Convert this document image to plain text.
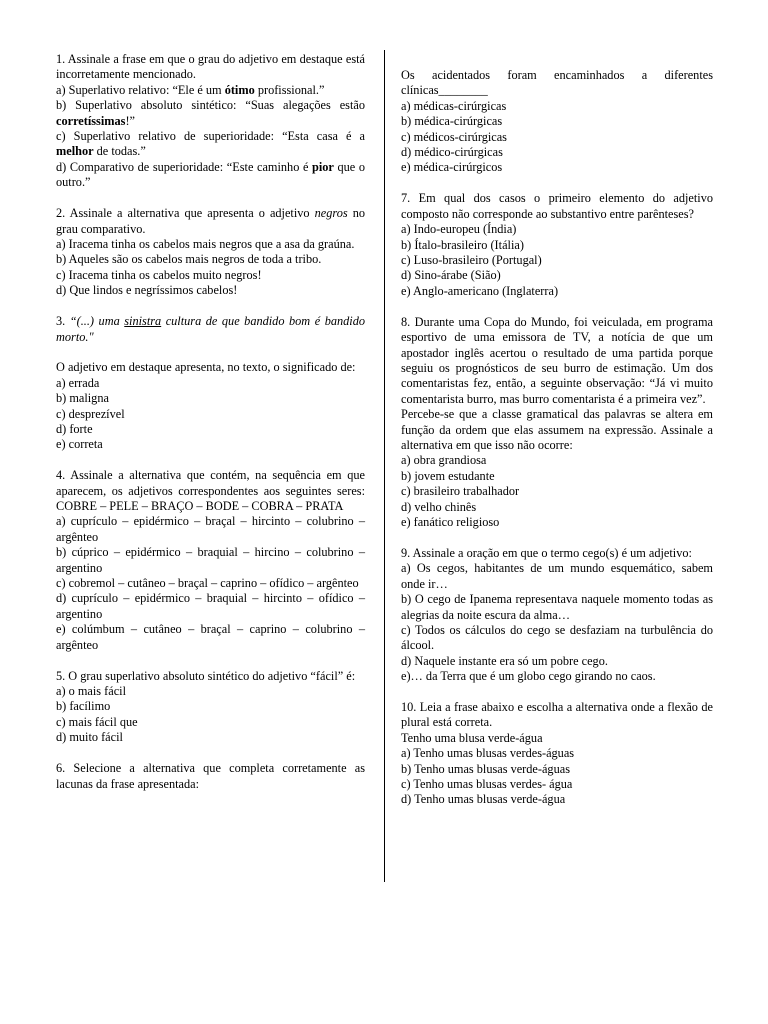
1. Assinale a frase em que o grau do adjetivo em destaque está incorretamente mencionado.
a) Superlativo relativo: “Ele é um ótimo profissional.”
b) Superlativo absoluto sintético: “Suas alegações estão corretíssimas!”
c) Superlativo relativo de superioridade: “Esta casa é a melhor de todas.”
d) Comparativo de superioridade: “Este caminho é pior que o outro.”
2. Assinale a alternativa que apresenta o adjetivo negros no grau comparativo.
a) Iracema tinha os cabelos mais negros que a asa da graúna.
b) Aqueles são os cabelos mais negros de toda a tribo.
c) Iracema tinha os cabelos muito negros!
d) Que lindos e negríssimos cabelos!
3. “(...) uma sinistra cultura de que bandido bom é bandido morto."
O adjetivo em destaque apresenta, no texto, o significado de:
a) errada
b) maligna
c) desprezível
d) forte
e) correta
4. Assinale a alternativa que contém, na sequência em que aparecem, os adjetivos correspondentes aos seguintes seres: COBRE – PELE – BRAÇO – BODE – COBRA – PRATA
a) cuprículo – epidérmico – braçal – hircinto – colubrino – argênteo
b) cúprico – epidérmico – braquial – hircino – colubrino – argentino
c) cobremol – cutâneo – braçal – caprino – ofídico – argênteo
d) cuprículo – epidérmico – braquial – hircinto – ofídico – argentino
e) colúmbum – cutâneo – braçal – caprino – colubrino – argênteo
5. O grau superlativo absoluto sintético do adjetivo “fácil” é:
a) o mais fácil
b) facílimo
c) mais fácil que
d) muito fácil
6. Selecione a alternativa que completa corretamente as lacunas da frase apresentada:
Os acidentados foram encaminhados a diferentes clínicas________
a) médicas-cirúrgicas
b) médica-cirúrgicas
c) médicos-cirúrgicas
d) médico-cirúrgicas
e) médica-cirúrgicos
7. Em qual dos casos o primeiro elemento do adjetivo composto não corresponde ao substantivo entre parênteses?
a) Indo-europeu (Índia)
b) Ítalo-brasileiro (Itália)
c) Luso-brasileiro (Portugal)
d) Sino-árabe (Sião)
e) Anglo-americano (Inglaterra)
8. Durante uma Copa do Mundo, foi veiculada, em programa esportivo de uma emissora de TV, a notícia de que um apostador inglês acertou o resultado de uma partida porque seguiu os prognósticos de seu burro de estimação. Um dos comentaristas fez, então, a seguinte observação: “Já vi muito comentarista burro, mas burro comentarista é a primeira vez”.
Percebe-se que a classe gramatical das palavras se altera em função da ordem que elas assumem na expressão. Assinale a alternativa em que isso não ocorre:
a) obra grandiosa
b) jovem estudante
c) brasileiro trabalhador
d) velho chinês
e) fanático religioso
9. Assinale a oração em que o termo cego(s) é um adjetivo:
a) Os cegos, habitantes de um mundo esquemático, sabem onde ir…
b) O cego de Ipanema representava naquele momento todas as alegrias da noite escura da alma…
c) Todos os cálculos do cego se desfaziam na turbulência do álcool.
d) Naquele instante era só um pobre cego.
e)… da Terra que é um globo cego girando no caos.
10. Leia a frase abaixo e escolha a alternativa onde a flexão de plural está correta.
Tenho uma blusa verde-água
a) Tenho umas blusas verdes-águas
b) Tenho umas blusas verde-águas
c) Tenho umas blusas verdes- água
d) Tenho umas blusas verde-água
